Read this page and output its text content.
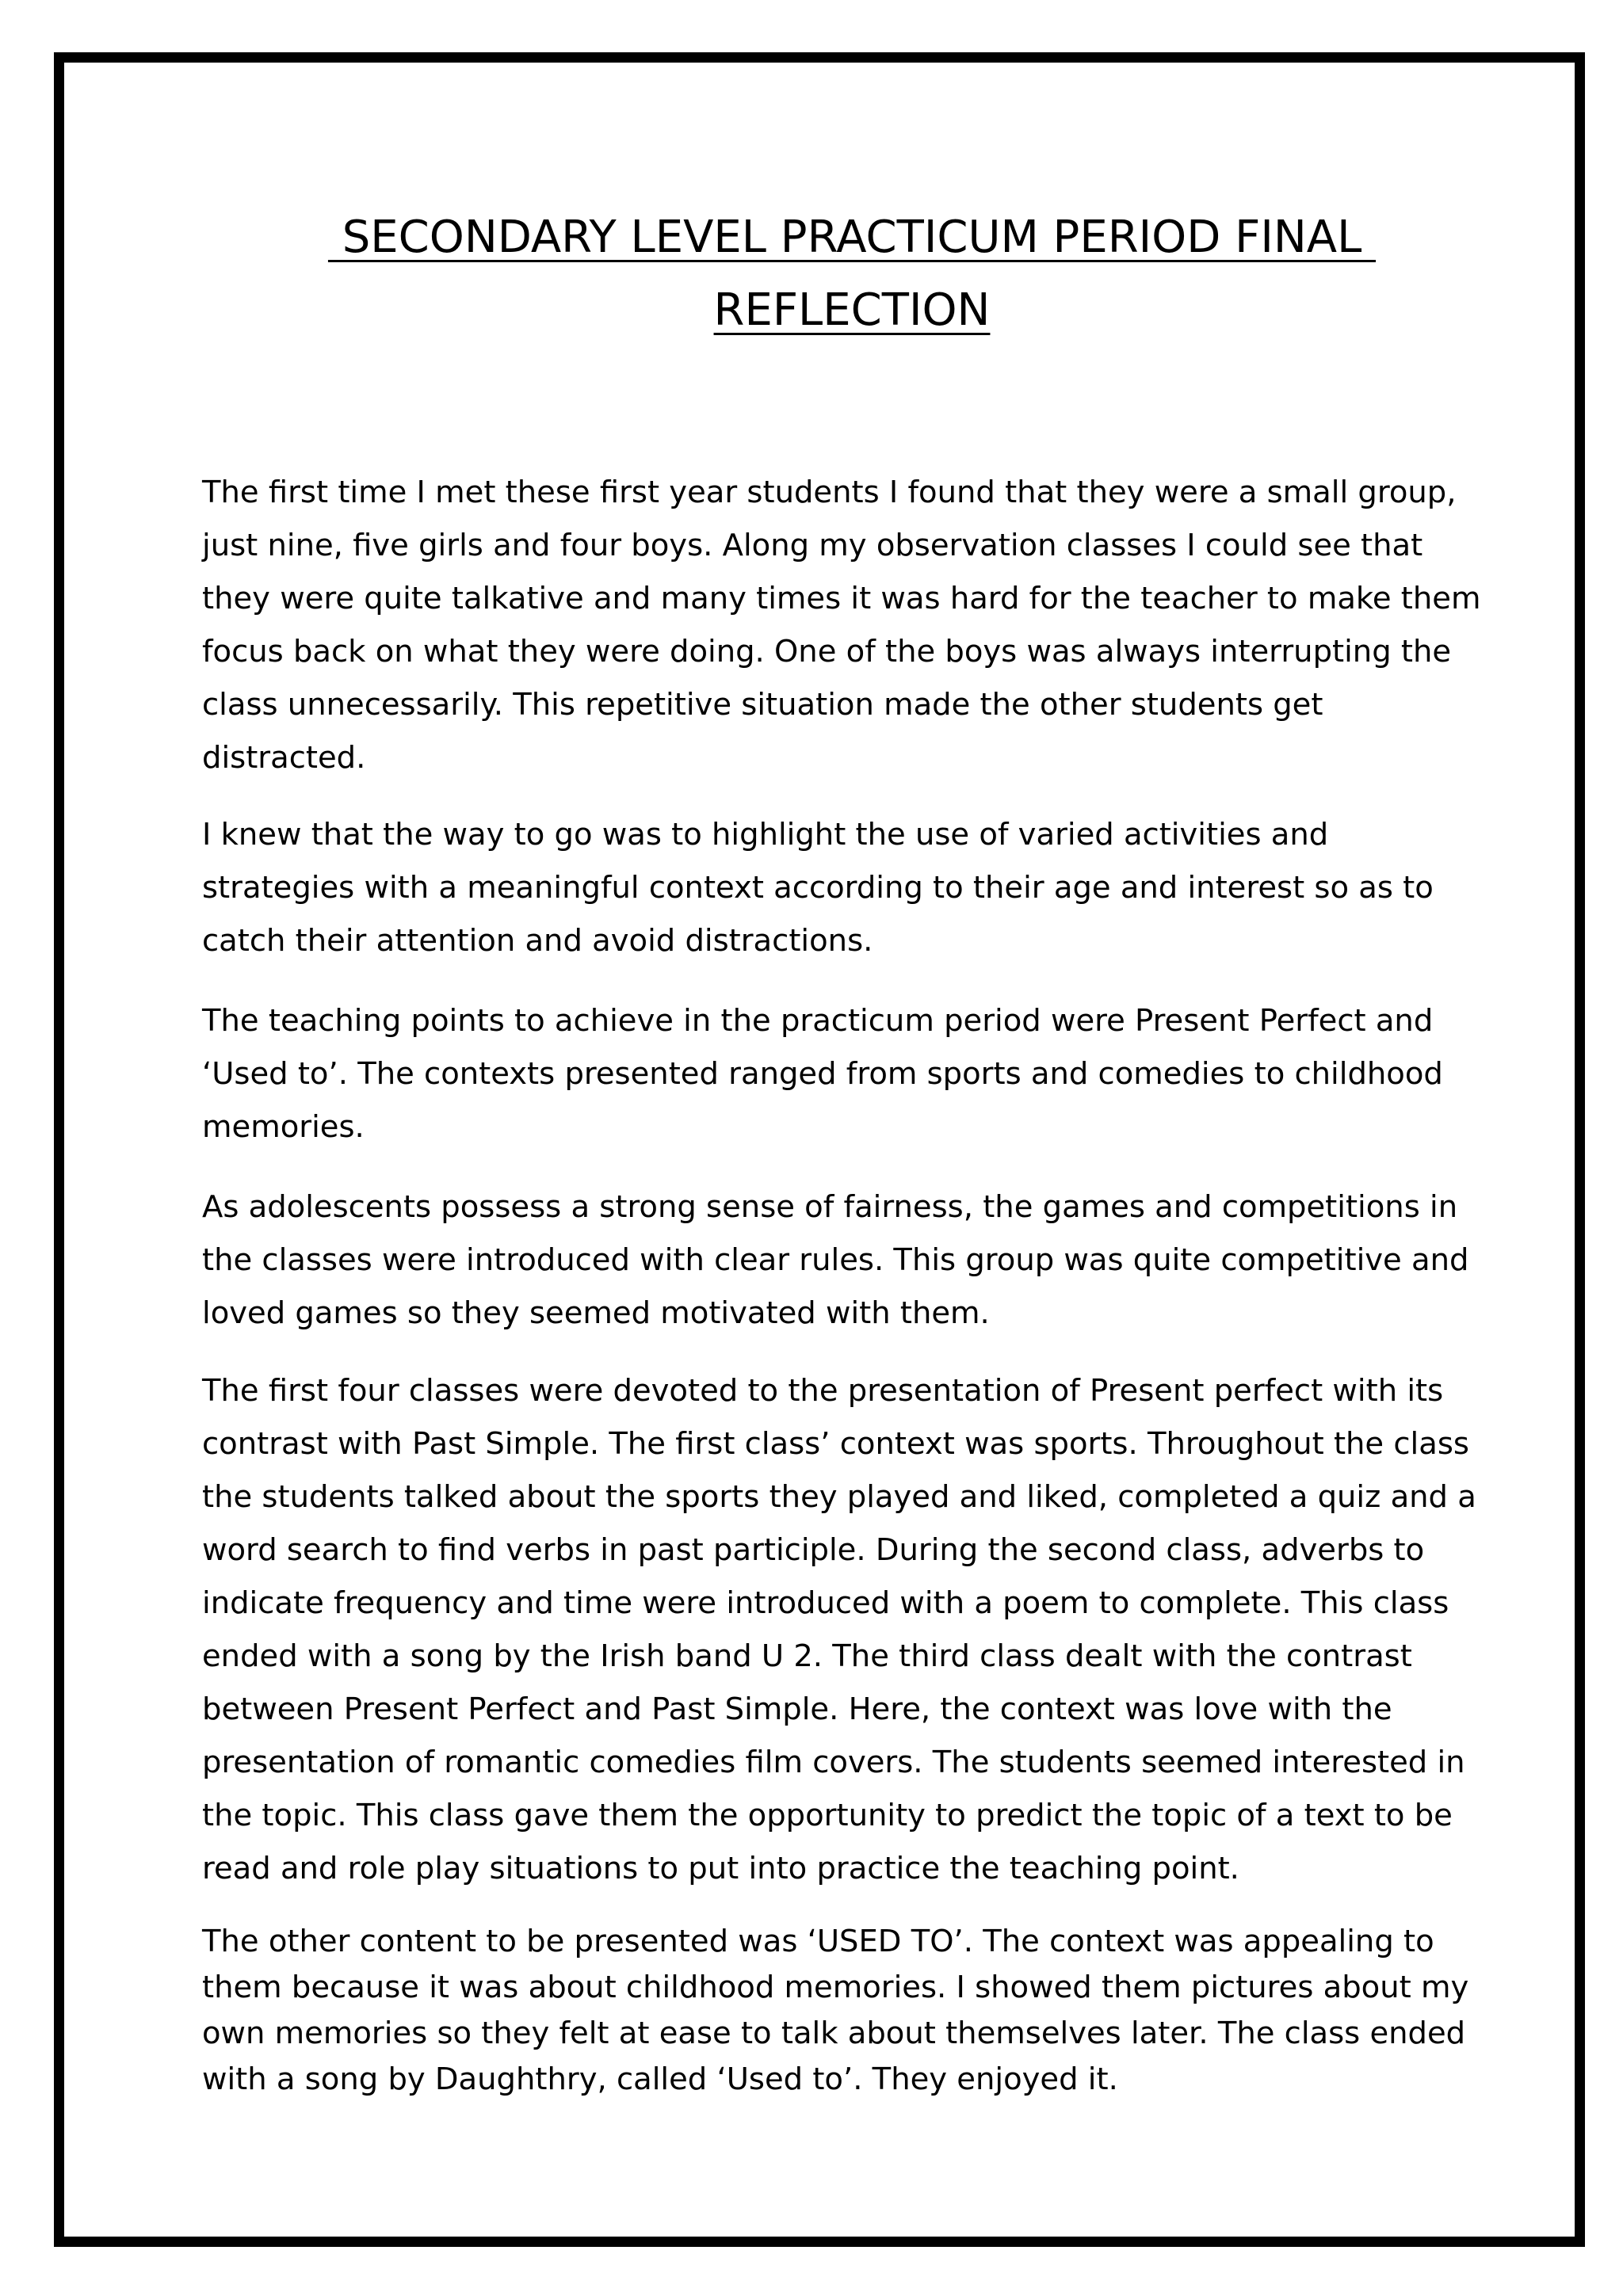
SECONDARY LEVEL PRACTICUM PERIOD FINAL
REFLECTION

The first time I met these first year students I found that they were a small group, just nine, five girls and four boys. Along my observation classes I could see that they were quite talkative and many times it was hard for the teacher to make them focus back on what they were doing. One of the boys was always interrupting the class unnecessarily. This repetitive situation made the other students get distracted.

I knew that the way to go was to highlight the use of varied activities and strategies with a meaningful context according to their age and interest so as to catch their attention and avoid distractions.

The teaching points to achieve in the practicum period were Present Perfect and ‘Used to’. The contexts presented ranged from sports and comedies to childhood memories.

As adolescents possess a strong sense of fairness, the games and competitions in the classes were introduced with clear rules. This group was quite competitive and loved games so they seemed motivated with them.

The first four classes were devoted to the presentation of Present perfect with its contrast with Past Simple. The first class’ context was sports. Throughout the class the students talked about the sports they played and liked, completed a quiz and a word search to find verbs in past participle. During the second class, adverbs to indicate frequency and time were introduced with a poem to complete. This class ended with a song by the Irish band U 2. The third class dealt with the contrast between Present Perfect and Past Simple. Here, the context was love with the presentation of romantic comedies film covers. The students seemed interested in the topic. This class gave them the opportunity to predict the topic of a text to be read and role play situations to put into practice the teaching point.

The other content to be presented was ‘USED TO’. The context was appealing to them because it was about childhood memories. I showed them pictures about my own memories so they felt at ease to talk about themselves later. The class ended with a song by Daughthry, called ‘Used to’. They enjoyed it.
